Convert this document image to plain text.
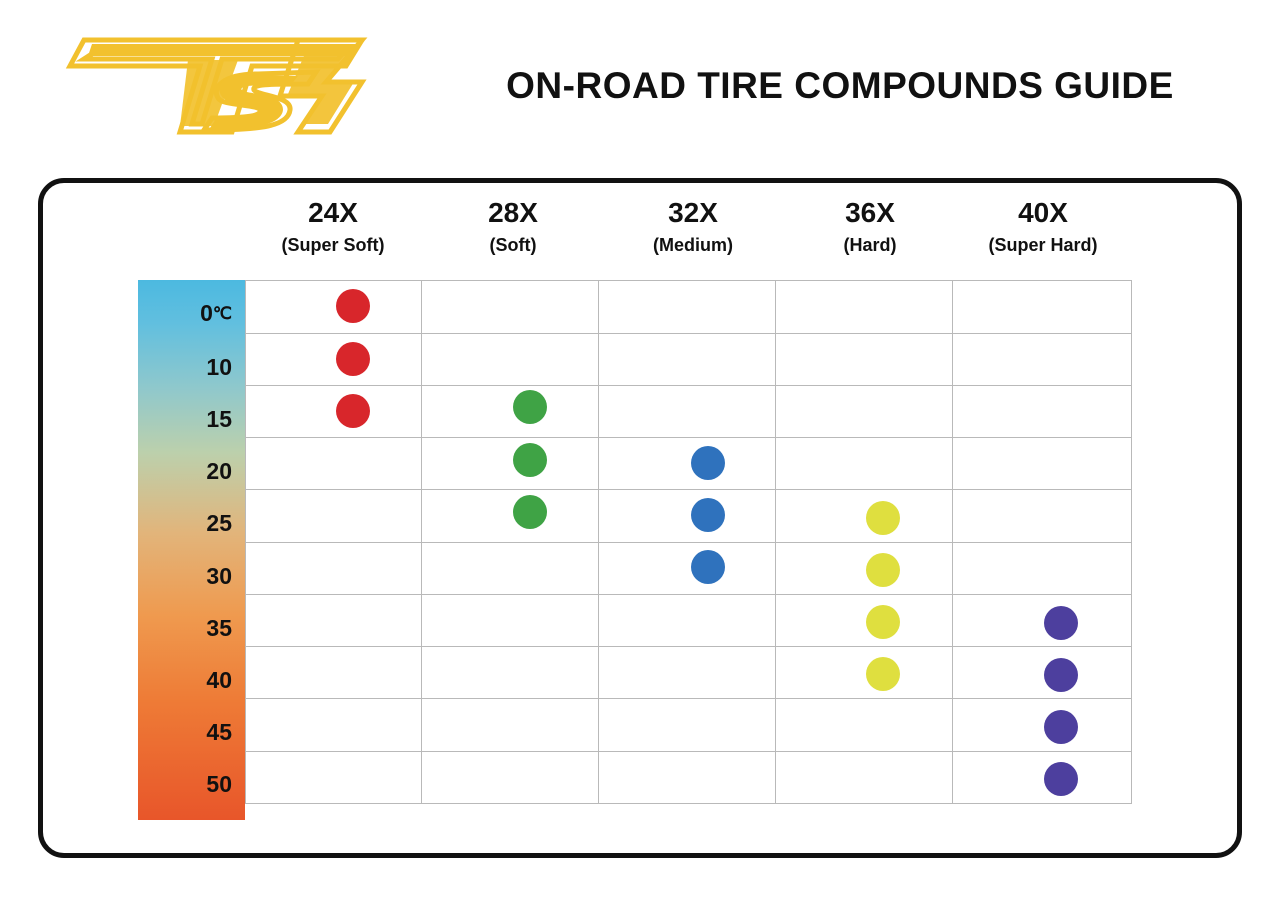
ON-ROAD TIRE COMPOUNDS GUIDE
24X
(Super Soft)
28X
(Soft)
32X
(Medium)
36X
(Hard)
40X
(Super Hard)
0℃
10
15
20
25
30
35
40
45
50
